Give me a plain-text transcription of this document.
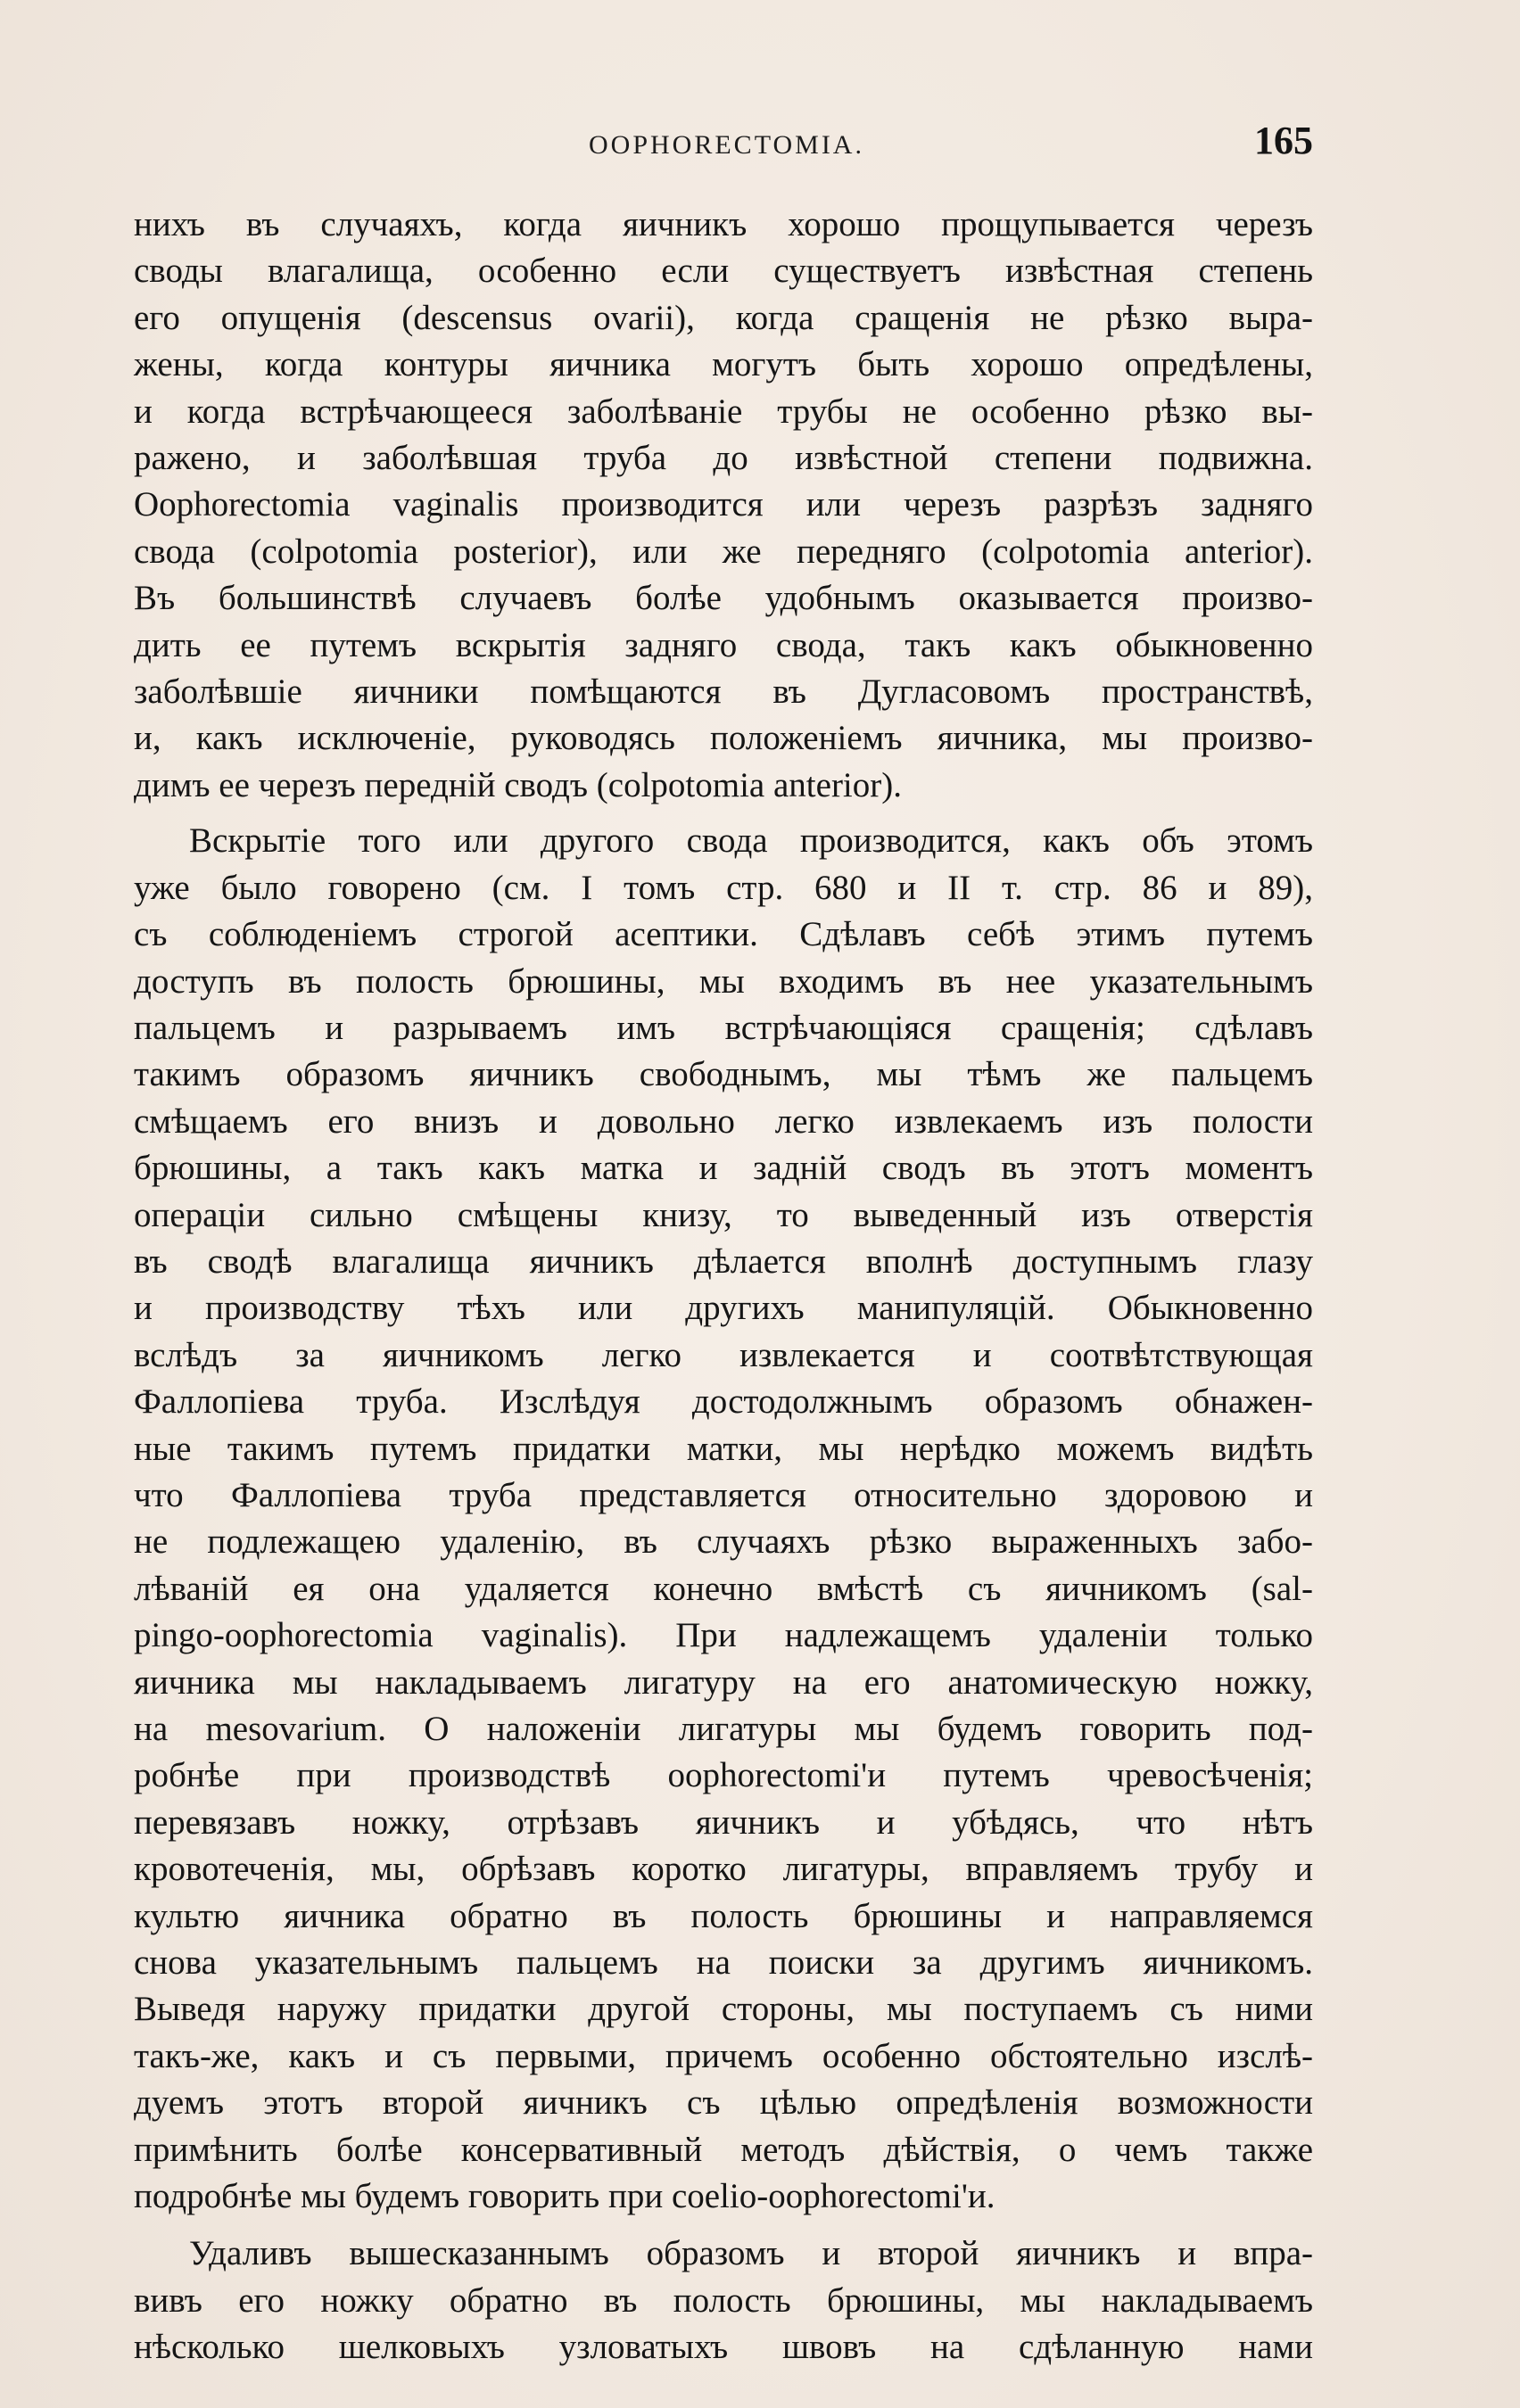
OOPHORECTOMIA.	165

нихъ въ случаяхъ, когда яичникъ хорошо прощупывается черезъ
своды влагалища, особенно если существуетъ извѣстная степень
его опущенія (descensus ovarii), когда сращенія не рѣзко выра-
жены, когда контуры яичника могутъ быть хорошо опредѣлены,
и когда встрѣчающееся заболѣваніе трубы не особенно рѣзко вы-
ражено, и заболѣвшая труба до извѣстной степени подвижна.
Oophorectomia vaginalis производится или черезъ разрѣзъ задняго
свода (colpotomia posterior), или же передняго (colpotomia anterior).
Въ большинствѣ случаевъ болѣе удобнымъ оказывается произво-
дить ее путемъ вскрытія задняго свода, такъ какъ обыкновенно
заболѣвшіе яичники помѣщаются въ Дугласовомъ пространствѣ,
и, какъ исключеніе, руководясь положеніемъ яичника, мы произво-
димъ ее черезъ передній сводъ (colpotomia anterior).

Вскрытіе того или другого свода производится, какъ объ этомъ
уже было говорено (см. I томъ стр. 680 и II т. стр. 86 и 89),
съ соблюденіемъ строгой асептики. Сдѣлавъ себѣ этимъ путемъ
доступъ въ полость брюшины, мы входимъ въ нее указательнымъ
пальцемъ и разрываемъ имъ встрѣчающіяся сращенія; сдѣлавъ
такимъ образомъ яичникъ свободнымъ, мы тѣмъ же пальцемъ
смѣщаемъ его внизъ и довольно легко извлекаемъ изъ полости
брюшины, а такъ какъ матка и задній сводъ въ этотъ моментъ
операціи сильно смѣщены книзу, то выведенный изъ отверстія
въ сводѣ влагалища яичникъ дѣлается вполнѣ доступнымъ глазу
и производству тѣхъ или другихъ манипуляцій. Обыкновенно
вслѣдъ за яичникомъ легко извлекается и соотвѣтствующая
Фаллопіева труба. Изслѣдуя достодолжнымъ образомъ обнажен-
ные такимъ путемъ придатки матки, мы нерѣдко можемъ видѣть
что Фаллопіева труба представляется относительно здоровою и
не подлежащею удаленію, въ случаяхъ рѣзко выраженныхъ забо-
лѣваній ея она удаляется конечно вмѣстѣ съ яичникомъ (sal-
pingo-oophorectomia vaginalis). При надлежащемъ удаленіи только
яичника мы накладываемъ лигатуру на его анатомическую ножку,
на mesovarium. О наложеніи лигатуры мы будемъ говорить под-
робнѣе при производствѣ oophorectomi'и путемъ чревосѣченія;
перевязавъ ножку, отрѣзавъ яичникъ и убѣдясь, что нѣтъ
кровотеченія, мы, обрѣзавъ коротко лигатуры, вправляемъ трубу и
культю яичника обратно въ полость брюшины и направляемся
снова указательнымъ пальцемъ на поиски за другимъ яичникомъ.
Выведя наружу придатки другой стороны, мы поступаемъ съ ними
такъ-же, какъ и съ первыми, причемъ особенно обстоятельно изслѣ-
дуемъ этотъ второй яичникъ съ цѣлью опредѣленія возможности
примѣнить болѣе консервативный методъ дѣйствія, о чемъ также
подробнѣе мы будемъ говорить при coelio-oophorectomi'и.

Удаливъ вышесказаннымъ образомъ и второй яичникъ и впра-
вивъ его ножку обратно въ полость брюшины, мы накладываемъ
нѣсколько шелковыхъ узловатыхъ швовъ на сдѣланную нами
